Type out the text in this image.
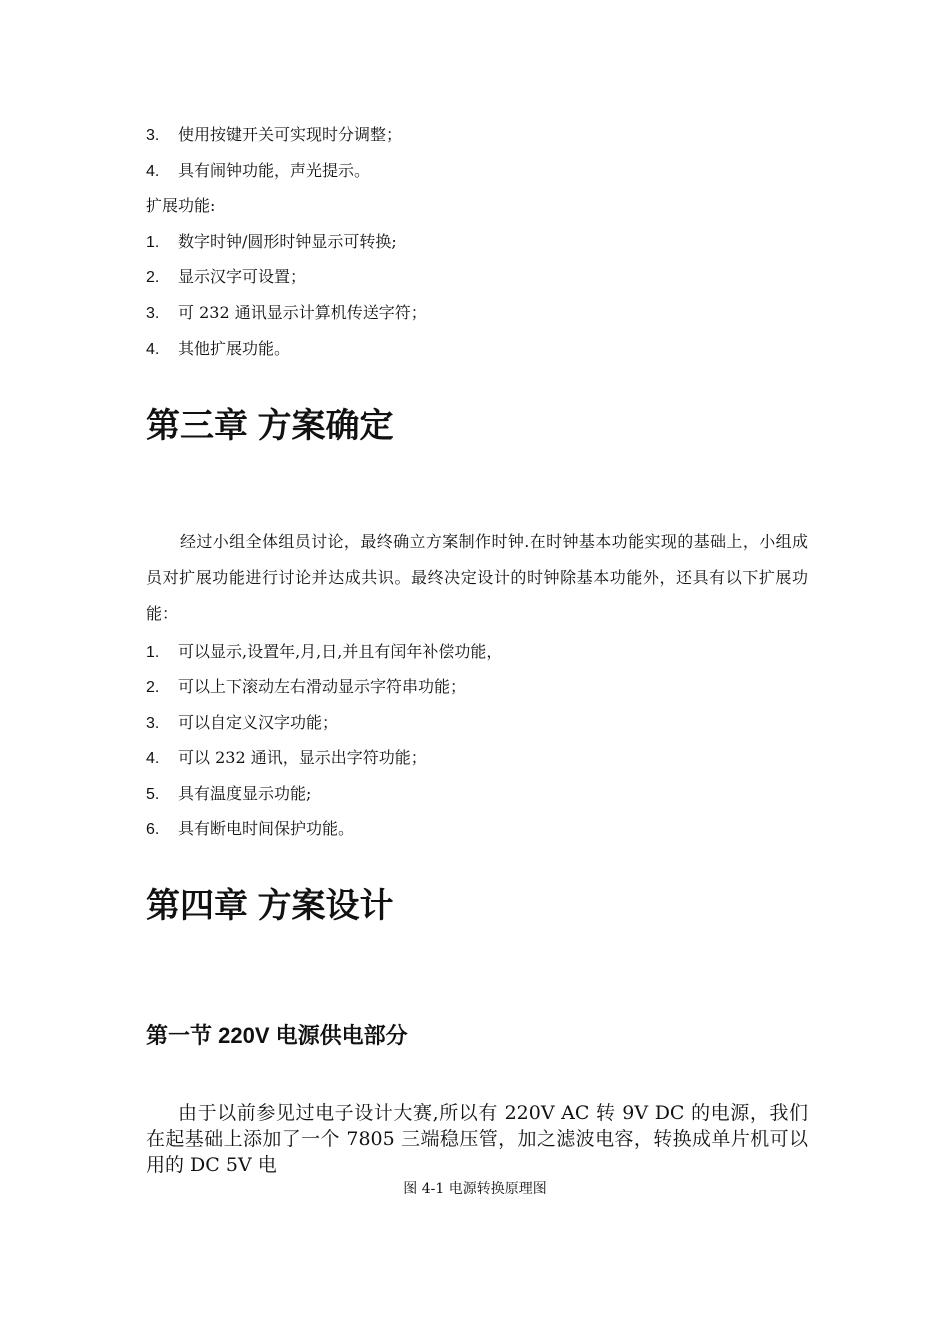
3. 使用按键开关可实现时分调整；
4. 具有闹钟功能，声光提示。
扩展功能:
1. 数字时钟/圆形时钟显示可转换;
2. 显示汉字可设置；
3. 可 232 通讯显示计算机传送字符；
4. 其他扩展功能。
第三章 方案确定
经过小组全体组员讨论，最终确立方案制作时钟.在时钟基本功能实现的基础上，小组成员对扩展功能进行讨论并达成共识。最终决定设计的时钟除基本功能外，还具有以下扩展功能：
1. 可以显示,设置年,月,日,并且有闰年补偿功能，
2. 可以上下滚动左右滑动显示字符串功能；
3. 可以自定义汉字功能；
4. 可以 232 通讯，显示出字符功能；
5. 具有温度显示功能;
6. 具有断电时间保护功能。
第四章 方案设计
第一节 220V 电源供电部分
由于以前参见过电子设计大赛,所以有 220V AC 转 9V DC 的电源，我们在起基础上添加了一个 7805 三端稳压管，加之滤波电容，转换成单片机可以用的 DC 5V 电
图 4-1 电源转换原理图
